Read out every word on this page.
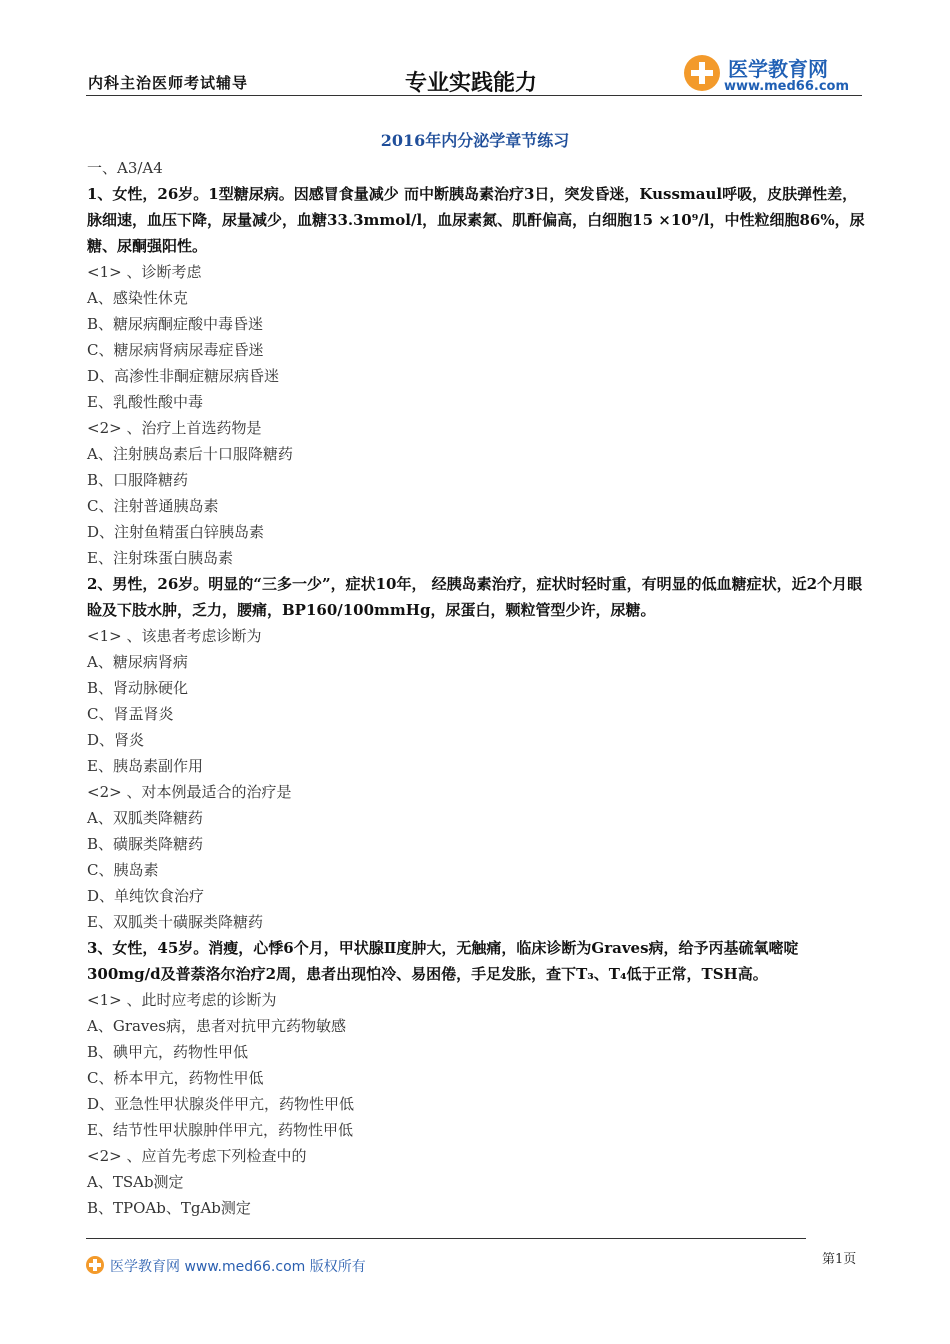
内科主治医师考试辅导	专业实践能力
医学教育网
www.med66.com
2016年内分泌学章节练习
一、A3/A4
1、女性，26岁。1型糖尿病。因感冒食量减少 而中断胰岛素治疗3日，突发昏迷，Kussmaul呼吸，皮肤弹性差，脉细速，血压下降，尿量减少，血糖33.3mmol/l，血尿素氮、肌酐偏高，白细胞15 ×10⁹/l，中性粒细胞86%，尿糖、尿酮强阳性。
<1> 、诊断考虑
A、感染性休克
B、糖尿病酮症酸中毒昏迷
C、糖尿病肾病尿毒症昏迷
D、高渗性非酮症糖尿病昏迷
E、乳酸性酸中毒
<2> 、治疗上首选药物是
A、注射胰岛素后十口服降糖药
B、口服降糖药
C、注射普通胰岛素
D、注射鱼精蛋白锌胰岛素
E、注射珠蛋白胰岛素
2、男性，26岁。明显的“三多一少”，症状10年， 经胰岛素治疗，症状时轻时重，有明显的低血糖症状，近2个月眼睑及下肢水肿，乏力，腰痛，BP160/100mmHg，尿蛋白，颗粒管型少许，尿糖。
<1> 、该患者考虑诊断为
A、糖尿病肾病
B、肾动脉硬化
C、肾盂肾炎
D、肾炎
E、胰岛素副作用
<2> 、对本例最适合的治疗是
A、双胍类降糖药
B、磺脲类降糖药
C、胰岛素
D、单纯饮食治疗
E、双胍类十磺脲类降糖药
3、女性，45岁。消瘦，心悸6个月，甲状腺Ⅱ度肿大，无触痛，临床诊断为Graves病，给予丙基硫氧嘧啶300mg/d及普萘洛尔治疗2周，患者出现怕冷、易困倦，手足发胀，查下T₃、T₄低于正常，TSH高。
<1> 、此时应考虑的诊断为
A、Graves病，患者对抗甲亢药物敏感
B、碘甲亢，药物性甲低
C、桥本甲亢，药物性甲低
D、亚急性甲状腺炎伴甲亢，药物性甲低
E、结节性甲状腺肿伴甲亢，药物性甲低
<2> 、应首先考虑下列检查中的
A、TSAb测定
B、TPOAb、TgAb测定
医学教育网 www.med66.com 版权所有	第1页
